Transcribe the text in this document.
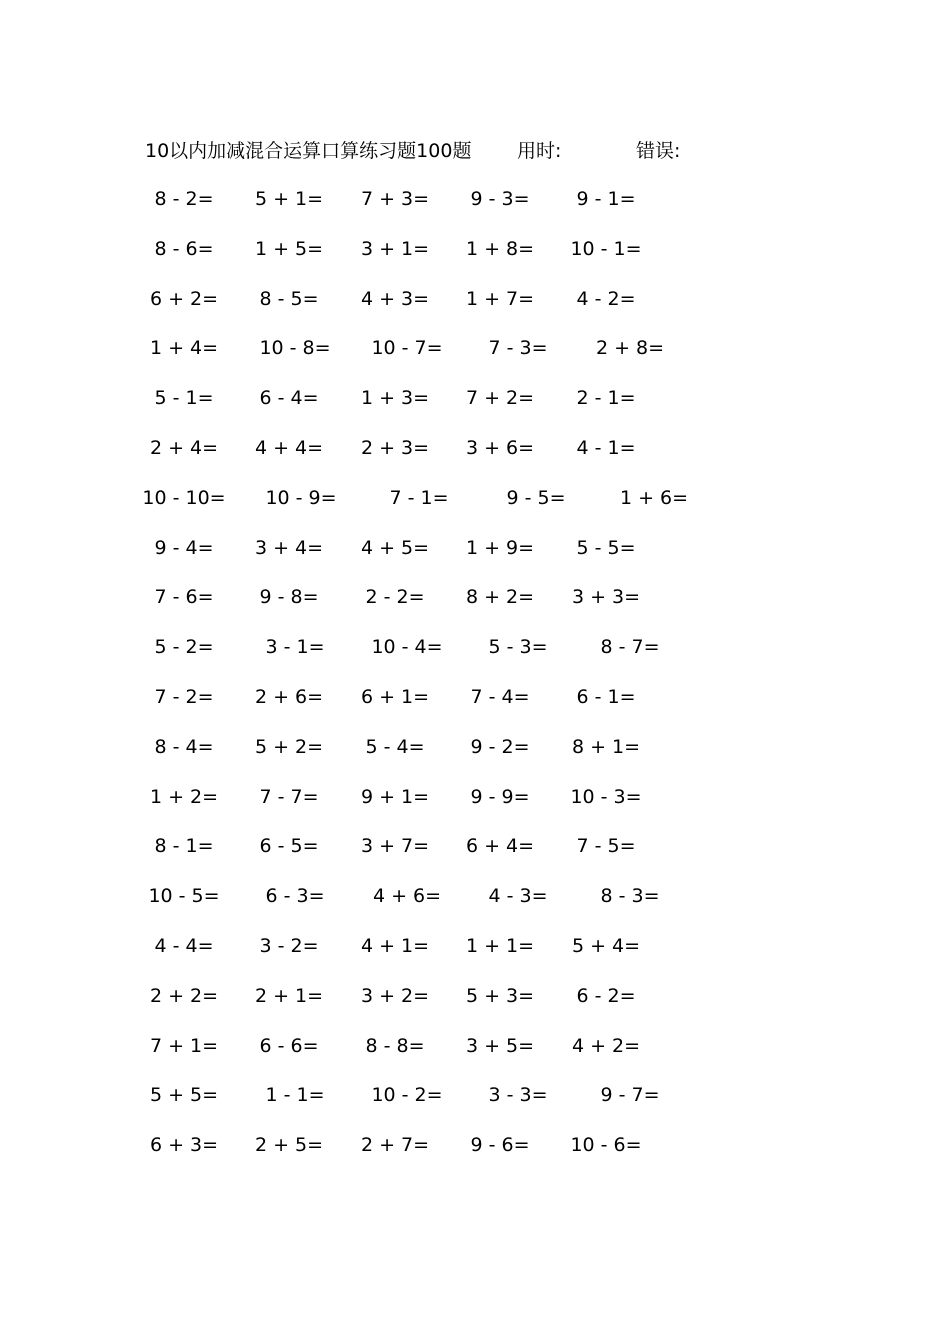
10以内加减混合运算口算练习题100题 用时:	错误:
8 - 2= 5 + 1= 7 + 3= 9 - 3= 9 - 1=
8 - 6= 1 + 5= 3 + 1= 1 + 8= 10 - 1=
6 + 2= 8 - 5= 4 + 3= 1 + 7= 4 - 2=
1 + 4= 10 - 8= 10 - 7= 7 - 3=	2 + 8=
5 - 1= 6 - 4= 1 + 3= 7 + 2= 2 - 1=
2 + 4= 4 + 4= 2 + 3= 3 + 6= 4 - 1=
10 - 10= 10 - 9=	7 - 1=	9 - 5=	1 + 6=
9 - 4= 3 + 4= 4 + 5= 1 + 9= 5 - 5=
7 - 6= 9 - 8= 2 - 2= 8 + 2= 3 + 3=
5 - 2=	3 - 1= 10 - 4= 5 - 3=	8 - 7=
7 - 2= 2 + 6= 6 + 1= 7 - 4= 6 - 1=
8 - 4= 5 + 2= 5 - 4= 9 - 2= 8 + 1=
1 + 2= 7 - 7= 9 + 1= 9 - 9= 10 - 3=
8 - 1= 6 - 5= 3 + 7= 6 + 4= 7 - 5=
10 - 5= 6 - 3=	4 + 6= 4 - 3=	8 - 3=
4 - 4= 3 - 2= 4 + 1= 1 + 1= 5 + 4=
2 + 2= 2 + 1= 3 + 2= 5 + 3= 6 - 2=
7 + 1= 6 - 6= 8 - 8= 3 + 5= 4 + 2=
5 + 5= 1 - 1= 10 - 2= 3 - 3=	9 - 7=
6 + 3= 2 + 5= 2 + 7= 9 - 6= 10 - 6=
